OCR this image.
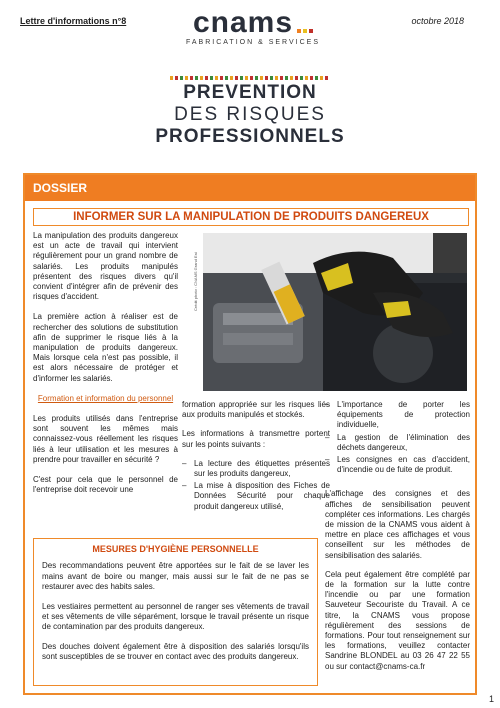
Lettre d'informations n°8	cnams
FABRICATION & SERVICES
octobre 2018
PREVENTION
DES RISQUES
PROFESSIONNELS
DOSSIER
INFORMER SUR LA MANIPULATION DE PRODUITS DANGEREUX

La manipulation des produits dangereux est un acte de travail qui intervient régulièrement pour un grand nombre de salariés. Les produits manipulés présentent des risques divers qu'il convient d'intégrer afin de prévenir des risques d'accident.

La première action à réaliser est de rechercher des solutions de substitution afin de supprimer le risque liés à la manipulation de produits dangereux. Mais lorsque cela n'est pas possible, il est alors nécessaire de protéger et d'informer les salariés.

Formation et information du personnel

Les produits utilisés dans l'entreprise sont souvent les mêmes mais connaissez-vous réellement les risques liés à leur utilisation et les mesures à prendre pour travailler en sécurité ?

C'est pour cela que le personnel de l'entreprise doit recevoir une

Crédit photo : CNAMS Grand Est

formation appropriée sur les risques liés aux produits manipulés et stockés.

Les informations à transmettre portent sur les points suivants :

– La lecture des étiquettes présentes sur les produits dangereux,
– La mise à disposition des Fiches de Données Sécurité pour chaque produit dangereux utilisé,
– L'importance de porter les équipements de protection individuelle,
– La gestion de l'élimination des déchets dangereux,
– Les consignes en cas d'accident, d'incendie ou de fuite de produit.

L'affichage des consignes et des affiches de sensibilisation peuvent compléter ces informations. Les chargés de mission de la CNAMS vous aident à mettre en place ces affichages et vous conseillent sur les méthodes de sensibilisation des salariés.

Cela peut également être complété par de la formation sur la lutte contre l'incendie ou par une formation Sauveteur Secouriste du Travail. A ce titre, la CNAMS vous propose régulièrement des sessions de formations. Pour tout renseignement sur les formations, veuillez contacter Sandrine BLONDEL au 03 26 47 22 55 ou sur contact@cnams-ca.fr

MESURES D'HYGIÈNE PERSONNELLE

Des recommandations peuvent être apportées sur le fait de se laver les mains avant de boire ou manger, mais aussi sur le fait de ne pas se restaurer avec des habits sales.

Les vestiaires permettent au personnel de ranger ses vêtements de travail et ses vêtements de ville séparément, lorsque le travail présente un risque de contamination par des produits dangereux.

Des douches doivent également être à disposition des salariés lorsqu'ils sont susceptibles de se trouver en contact avec des produits dangereux.

1
